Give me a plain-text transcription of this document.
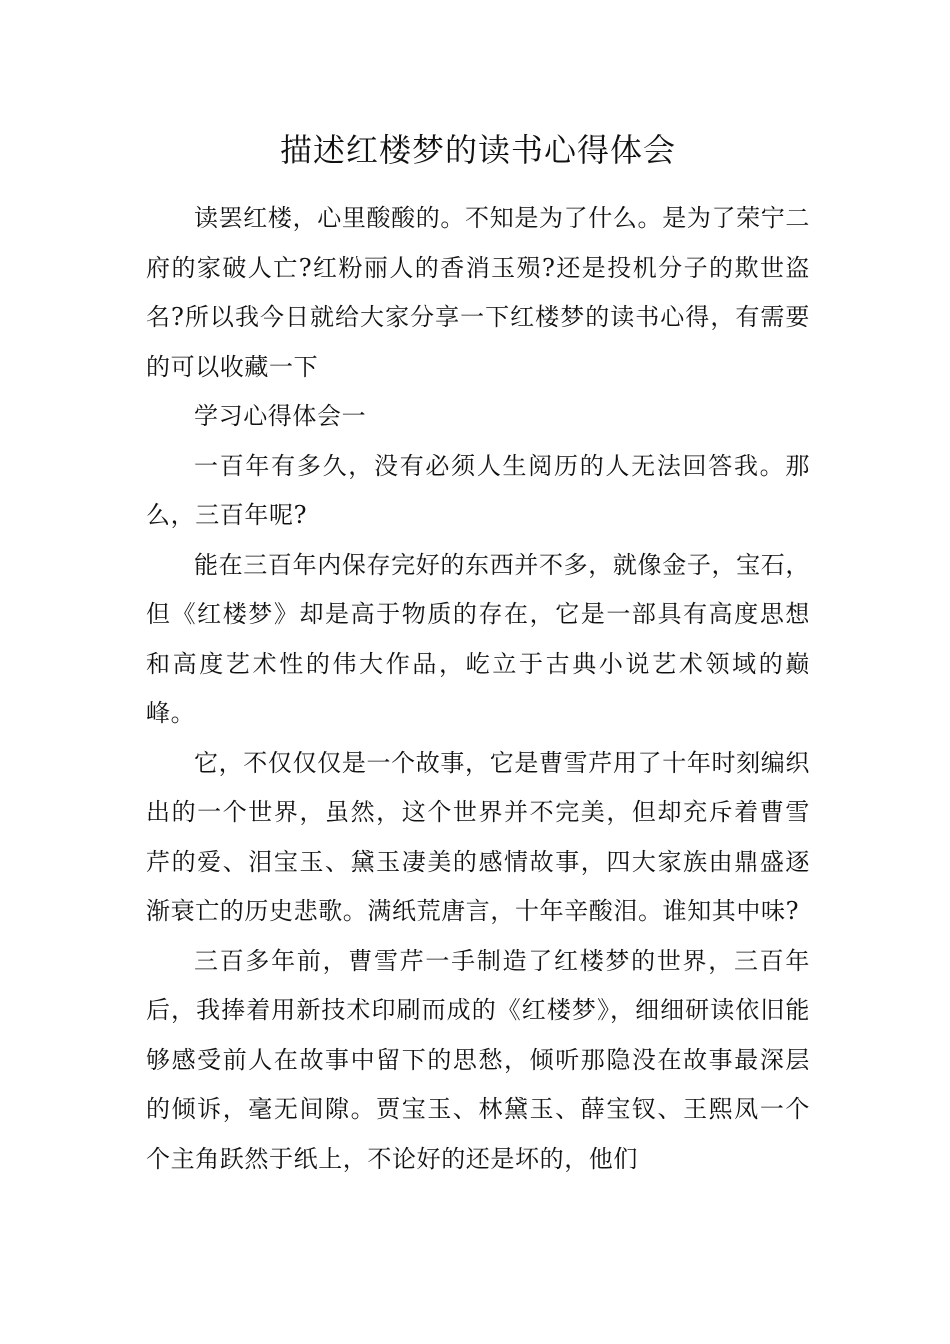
描述红楼梦的读书心得体会

读罢红楼，心里酸酸的。不知是为了什么。是为了荣宁二府的家破人亡?红粉丽人的香消玉殒?还是投机分子的欺世盗名?所以我今日就给大家分享一下红楼梦的读书心得，有需要的可以收藏一下

学习心得体会一

一百年有多久，没有必须人生阅历的人无法回答我。那么，三百年呢?

能在三百年内保存完好的东西并不多，就像金子，宝石，但《红楼梦》却是高于物质的存在，它是一部具有高度思想和高度艺术性的伟大作品，屹立于古典小说艺术领域的巅峰。

它，不仅仅仅是一个故事，它是曹雪芹用了十年时刻编织出的一个世界，虽然，这个世界并不完美，但却充斥着曹雪芹的爱、泪宝玉、黛玉凄美的感情故事，四大家族由鼎盛逐渐衰亡的历史悲歌。满纸荒唐言，十年辛酸泪。谁知其中味?

三百多年前，曹雪芹一手制造了红楼梦的世界，三百年后，我捧着用新技术印刷而成的《红楼梦》，细细研读依旧能够感受前人在故事中留下的思愁，倾听那隐没在故事最深层的倾诉，毫无间隙。贾宝玉、林黛玉、薛宝钗、王熙凤一个个主角跃然于纸上，不论好的还是坏的，他们
